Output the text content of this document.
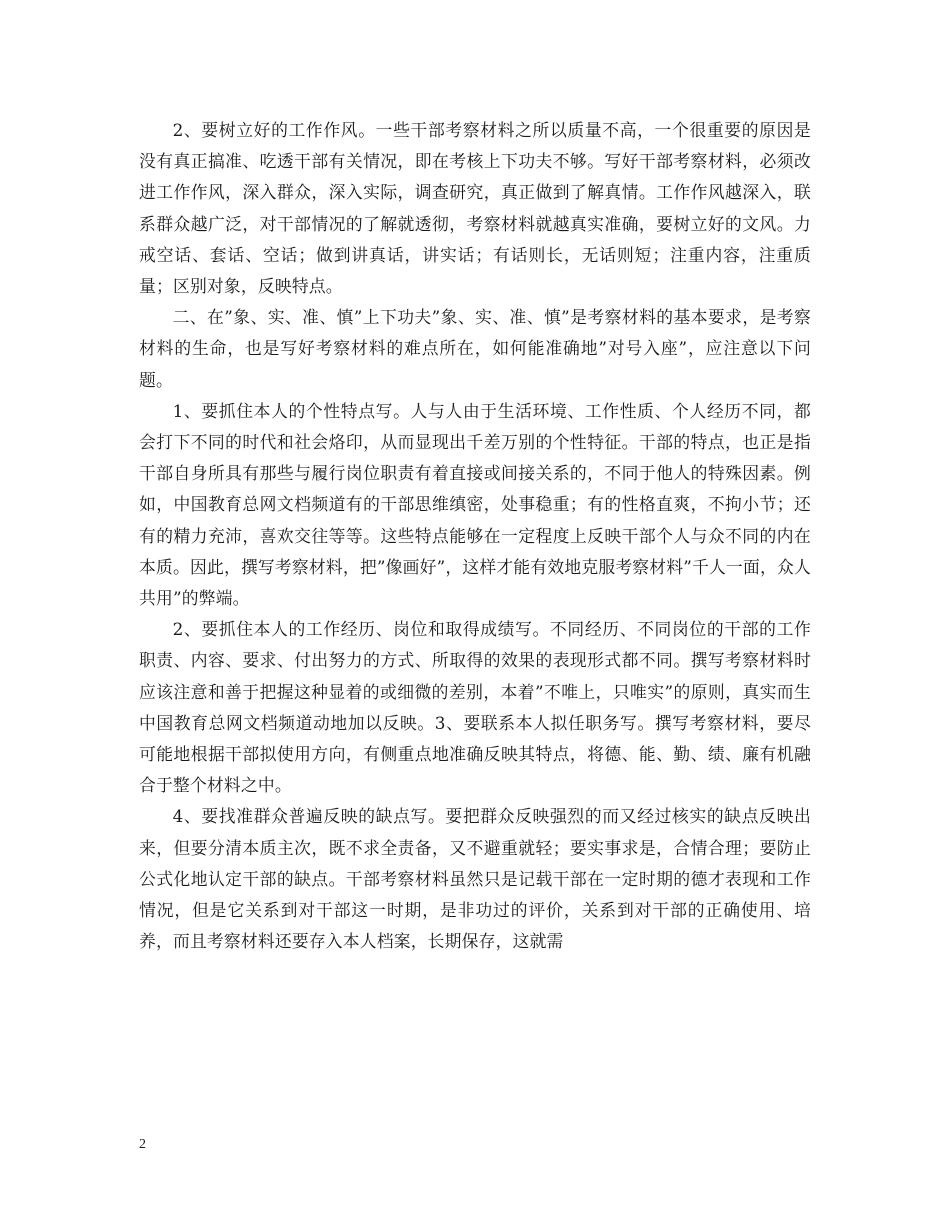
2、要树立好的工作作风。一些干部考察材料之所以质量不高，一个很重要的原因是没有真正搞准、吃透干部有关情况，即在考核上下功夫不够。写好干部考察材料，必须改进工作作风，深入群众，深入实际，调查研究，真正做到了解真情。工作作风越深入，联系群众越广泛，对干部情况的了解就透彻，考察材料就越真实准确，要树立好的文风。力戒空话、套话、空话；做到讲真话，讲实话；有话则长，无话则短；注重内容，注重质量；区别对象，反映特点。

二、在”象、实、准、慎”上下功夫”象、实、准、慎”是考察材料的基本要求，是考察材料的生命，也是写好考察材料的难点所在，如何能准确地”对号入座”，应注意以下问题。

1、要抓住本人的个性特点写。人与人由于生活环境、工作性质、个人经历不同，都会打下不同的时代和社会烙印，从而显现出千差万别的个性特征。干部的特点，也正是指干部自身所具有那些与履行岗位职责有着直接或间接关系的，不同于他人的特殊因素。例如，中国教育总网文档频道有的干部思维缜密，处事稳重；有的性格直爽，不拘小节；还有的精力充沛，喜欢交往等等。这些特点能够在一定程度上反映干部个人与众不同的内在本质。因此，撰写考察材料，把”像画好”，这样才能有效地克服考察材料”千人一面，众人共用”的弊端。

2、要抓住本人的工作经历、岗位和取得成绩写。不同经历、不同岗位的干部的工作职责、内容、要求、付出努力的方式、所取得的效果的表现形式都不同。撰写考察材料时应该注意和善于把握这种显着的或细微的差别，本着”不唯上，只唯实”的原则，真实而生中国教育总网文档频道动地加以反映。3、要联系本人拟任职务写。撰写考察材料，要尽可能地根据干部拟使用方向，有侧重点地准确反映其特点，将德、能、勤、绩、廉有机融合于整个材料之中。

4、要找准群众普遍反映的缺点写。要把群众反映强烈的而又经过核实的缺点反映出来，但要分清本质主次，既不求全责备，又不避重就轻；要实事求是，合情合理；要防止公式化地认定干部的缺点。干部考察材料虽然只是记载干部在一定时期的德才表现和工作情况，但是它关系到对干部这一时期，是非功过的评价，关系到对干部的正确使用、培养，而且考察材料还要存入本人档案，长期保存，这就需

2
